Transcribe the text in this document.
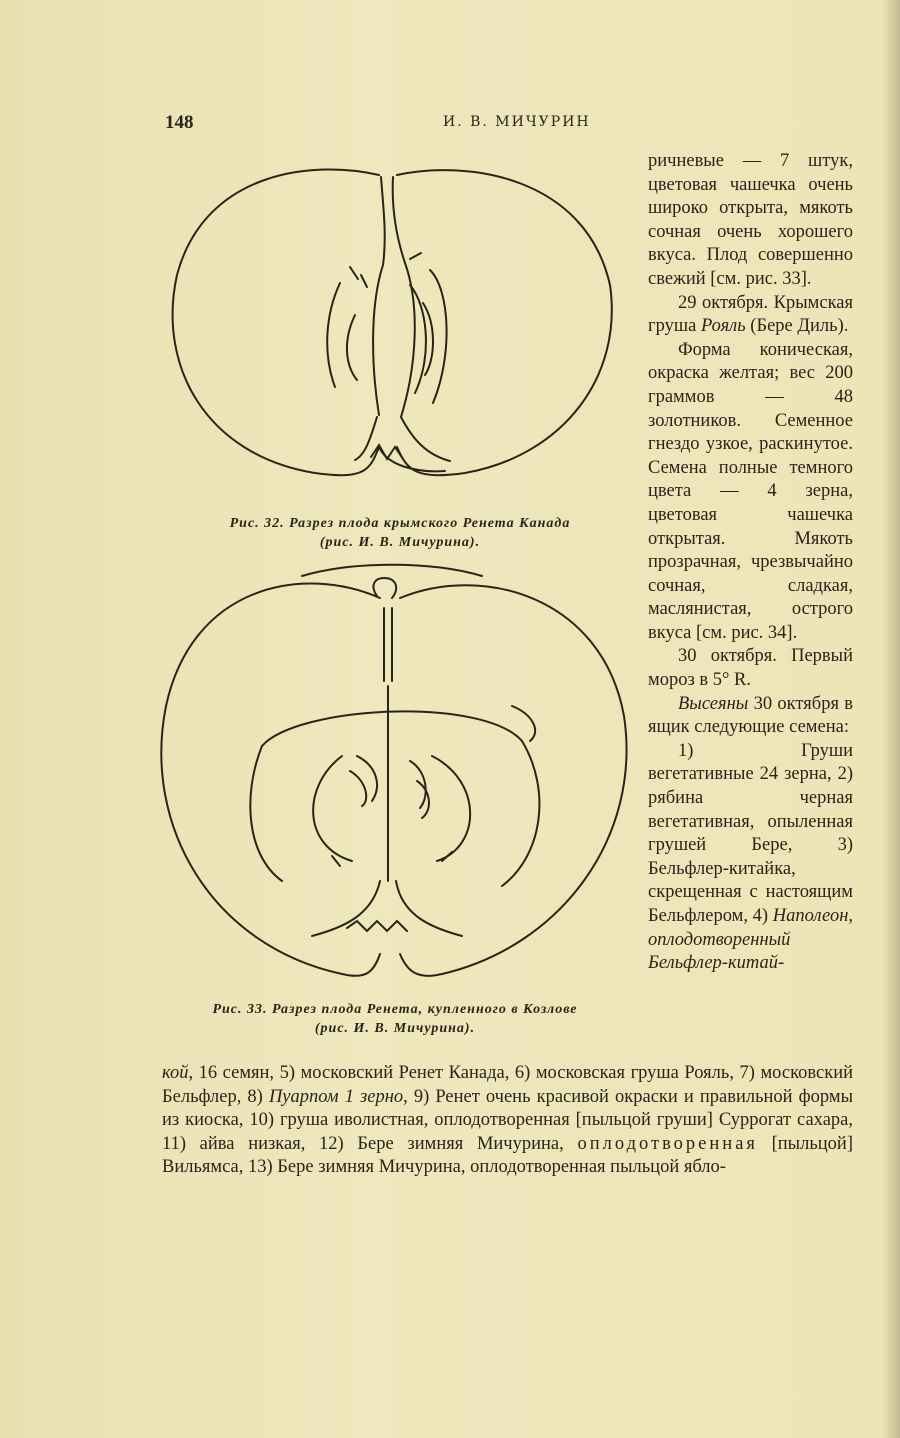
148	И. В. МИЧУРИН
Рис. 32. Разрез плода крымского Ренета Канада
(рис. И. В. Мичурина).
Рис. 33. Разрез плода Ренета, купленного в Козлове
(рис. И. В. Мичурина).

ричневые — 7 штук, цветовая чашечка очень широко открыта, мякоть сочная очень хорошего вкуса. Плод совершенно свежий [см. рис. 33].

29 октября. Крымская груша Рояль (Бере Диль).

Форма коническая, окраска желтая; вес 200 граммов — 48 золотников. Семенное гнездо узкое, раскинутое. Семена полные темного цвета — 4 зерна, цветовая чашечка открытая. Мякоть прозрачная, чрезвычайно сочная, сладкая, маслянистая, острого вкуса [см. рис. 34].

30 октября. Первый мороз в 5° R.

Высеяны 30 октября в ящик следующие семена:

1) Груши вегетативные 24 зерна, 2) рябина черная вегетативная, опыленная грушей Бере, 3) Бельфлер-китайка, скрещенная с настоящим Бельфлером, 4) Наполеон, оплодотворенный Бельфлер-китай-

кой, 16 семян, 5) московский Ренет Канада, 6) московская груша Рояль, 7) московский Бельфлер, 8) Пуарпом 1 зерно, 9) Ренет очень красивой окраски и правильной формы из киоска, 10) груша иволистная, оплодотворенная [пыльцой груши] Суррогат сахара, 11) айва низкая, 12) Бере зимняя Мичурина, оплодотворенная [пыльцой] Вильямса, 13) Бере зимняя Мичурина, оплодотворенная пыльцой ябло-
